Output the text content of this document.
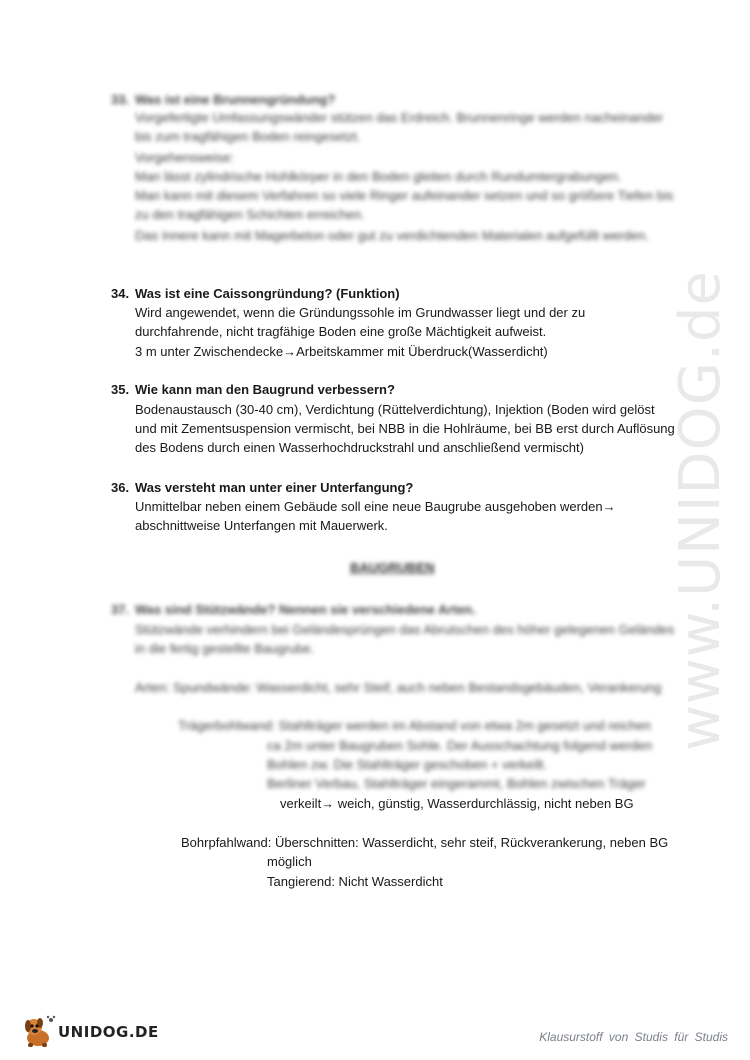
www.UNIDOG.de
33. Was ist eine Brunnengründung?
Vorgefertigte Umfassungswänder stützen das Erdreich. Brunnenringe werden nacheinander
bis zum tragfähigen Boden reingesetzt.
Vorgehensweise:
Man lässt zylindrische Hohlkörper in den Boden gleiten durch Rundumtergrabungen.
Man kann mit diesem Verfahren so viele Ringer aufeinander setzen und so größere Tiefen bis
zu den tragfähigen Schichten erreichen.
Das Innere kann mit Magerbeton oder gut zu verdichtenden Materialen aufgefüllt werden.
34. Was ist eine Caissongründung? (Funktion)
Wird angewendet, wenn die Gründungssohle im Grundwasser liegt und der zu
durchfahrende, nicht tragfähige Boden eine große Mächtigkeit aufweist.
3 m unter Zwischendecke→Arbeitskammer mit Überdruck(Wasserdicht)
35. Wie kann man den Baugrund verbessern?
Bodenaustausch (30-40 cm), Verdichtung (Rüttelverdichtung), Injektion (Boden wird gelöst
und mit Zementsuspension vermischt, bei NBB in die Hohlräume, bei BB erst durch Auflösung
des Bodens durch einen Wasserhochdruckstrahl und anschließend vermischt)
36. Was versteht man unter einer Unterfangung?
Unmittelbar neben einem Gebäude soll eine neue Baugrube ausgehoben werden→
abschnittweise Unterfangen mit Mauerwerk.
BAUGRUBEN
37. Was sind Stützwände? Nennen sie verschiedene Arten.
Stützwände verhindern bei Geländesprüngen das Abrutschen des höher gelegenen Geländes
in die fertig gestellte Baugrube.
Arten: Spundwände: Wasserdicht, sehr Steif, auch neben Bestandsgebäuden, Verankerung
Trägerbohlwand: Stahlträger werden im Abstand von etwa 2m gesetzt und reichen
ca 2m unter Baugruben Sohle. Der Ausschachtung folgend werden
Bohlen zw. Die Stahlträger geschoben + verkeilt.
Berliner Verbau, Stahlträger eingerammt, Bohlen zwischen Träger
verkeilt→ weich, günstig, Wasserdurchlässig, nicht neben BG
Bohrpfahlwand: Überschnitten: Wasserdicht, sehr steif, Rückverankerung, neben BG
möglich
Tangierend: Nicht Wasserdicht
UNIDOG.DE	Klausurstoff von Studis für Studis
